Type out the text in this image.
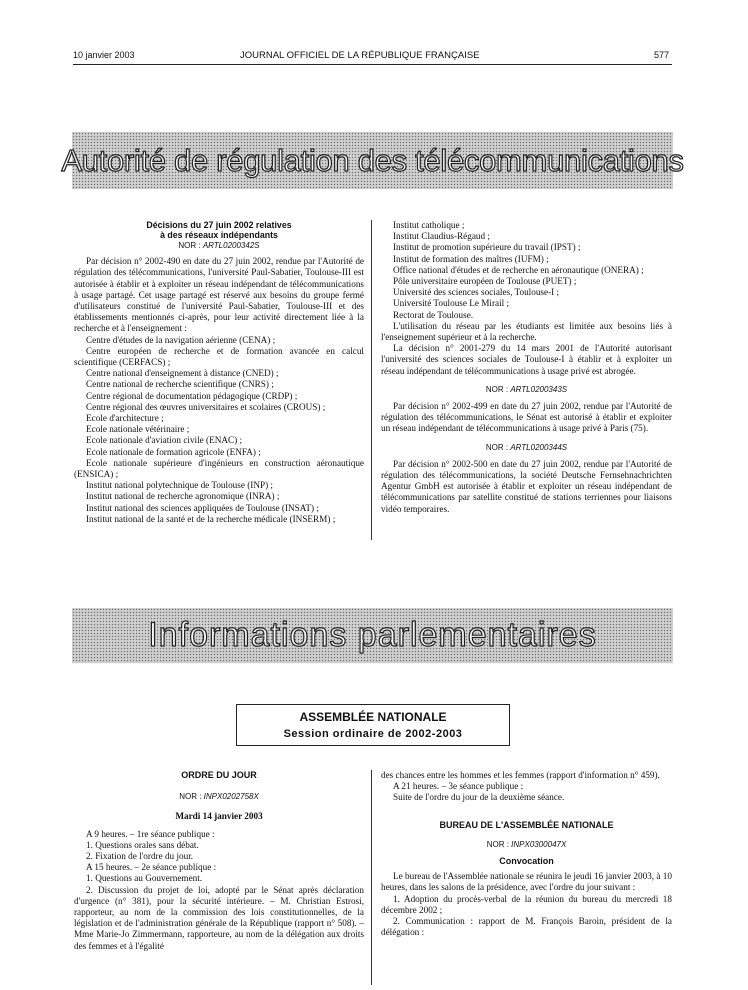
10 janvier 2003	JOURNAL OFFICIEL DE LA RÉPUBLIQUE FRANÇAISE	577
Autorité de régulation des télécommunications

Décisions du 27 juin 2002 relatives

à des réseaux indépendants

NOR : ARTL0200342S

Par décision n° 2002-490 en date du 27 juin 2002, rendue par l'Autorité de régulation des télécommunications, l'université Paul-Sabatier, Toulouse-III est autorisée à établir et à exploiter un réseau indépendant de télécommunications à usage partagé. Cet usage partagé est réservé aux besoins du groupe fermé d'utilisateurs constitué de l'université Paul-Sabatier, Toulouse-III et des établissements mentionnés ci-après, pour leur activité directement liée à la recherche et à l'enseignement :

Centre d'études de la navigation aérienne (CENA) ;

Centre européen de recherche et de formation avancée en calcul scientifique (CERFACS) ;

Centre national d'enseignement à distance (CNED) ;

Centre national de recherche scientifique (CNRS) ;

Centre régional de documentation pédagogique (CRDP) ;

Centre régional des œuvres universitaires et scolaires (CROUS) ;

Ecole d'architecture ;

Ecole nationale vétérinaire ;

Ecole nationale d'aviation civile (ENAC) ;

Ecole nationale de formation agricole (ENFA) ;

Ecole nationale supérieure d'ingénieurs en construction aéronautique (ENSICA) ;

Institut national polytechnique de Toulouse (INP) ;

Institut national de recherche agronomique (INRA) ;

Institut national des sciences appliquées de Toulouse (INSAT) ;

Institut national de la santé et de la recherche médicale (INSERM) ;

Institut catholique ;

Institut Claudius-Régaud ;

Institut de promotion supérieure du travail (IPST) ;

Institut de formation des maîtres (IUFM) ;

Office national d'études et de recherche en aéronautique (ONERA) ;

Pôle universitaire européen de Toulouse (PUET) ;

Université des sciences sociales, Toulouse-I ;

Université Toulouse Le Mirail ;

Rectorat de Toulouse.

L'utilisation du réseau par les étudiants est limitée aux besoins liés à l'enseignement supérieur et à la recherche.

La décision n° 2001-279 du 14 mars 2001 de l'Autorité autorisant l'université des sciences sociales de Toulouse-I à établir et à exploiter un réseau indépendant de télécommunications à usage privé est abrogée.

NOR : ARTL0200343S

Par décision n° 2002-499 en date du 27 juin 2002, rendue par l'Autorité de régulation des télécommunications, le Sénat est autorisé à établir et exploiter un réseau indépendant de télécommunications à usage privé à Paris (75).

NOR : ARTL0200344S

Par décision n° 2002-500 en date du 27 juin 2002, rendue par l'Autorité de régulation des télécommunications, la société Deutsche Fernsehnachrichten Agentur GmbH est autorisée à établir et exploiter un réseau indépendant de télécommunications par satellite constitué de stations terriennes pour liaisons vidéo temporaires.

Informations parlementaires
ASSEMBLÉE NATIONALE
Session ordinaire de 2002-2003

ORDRE DU JOUR

NOR : INPX0202758X

Mardi 14 janvier 2003

A 9 heures. – 1re séance publique :

1. Questions orales sans débat.

2. Fixation de l'ordre du jour.

A 15 heures. – 2e séance publique :

1. Questions au Gouvernement.

2. Discussion du projet de loi, adopté par le Sénat après déclaration d'urgence (n° 381), pour la sécurité intérieure. – M. Christian Estrosi, rapporteur, au nom de la commission des lois constitutionnelles, de la législation et de l'administration générale de la République (rapport n° 508). – Mme Marie-Jo Zimmermann, rapporteure, au nom de la délégation aux droits des femmes et à l'égalité

des chances entre les hommes et les femmes (rapport d'information n° 459).

A 21 heures. – 3e séance publique :

Suite de l'ordre du jour de la deuxième séance.

BUREAU DE L'ASSEMBLÉE NATIONALE

NOR : INPX0300047X

Convocation

Le bureau de l'Assemblée nationale se réunira le jeudi 16 janvier 2003, à 10 heures, dans les salons de la présidence, avec l'ordre du jour suivant :

1. Adoption du procès-verbal de la réunion du bureau du mercredi 18 décembre 2002 ;

2. Communication : rapport de M. François Baroin, président de la délégation :
